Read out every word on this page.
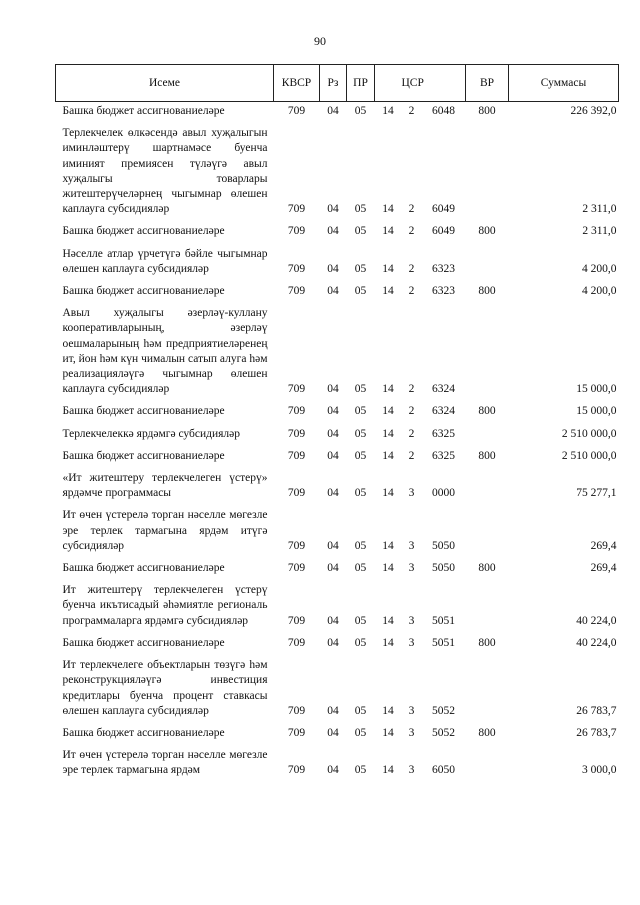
90
Исеме	КВСР	Рз	ПР		ЦСР		ВР	Суммасы
Башка бюджет ассигнованиеләре	709	04	05	14	2	6048	800	226 392,0
Терлекчелек өлкәсендә авыл хуҗалыгын иминләштерү шартнамәсе буенча иминият премиясен түләүгә авыл хуҗалыгы товарлары житештерүчеләрнең чыгымнар өлешен каплауга субсидияләр	709	04	05	14	2	6049		2 311,0
Башка бюджет ассигнованиеләре	709	04	05	14	2	6049	800	2 311,0
Нәселле атлар үрчетүгә бәйле чыгымнар өлешен каплауга субсидияләр	709	04	05	14	2	6323		4 200,0
Башка бюджет ассигнованиеләре	709	04	05	14	2	6323	800	4 200,0
Авыл хуҗалыгы әзерләү-куллану кооперативларының, әзерләү оешмаларының һәм предприятиеләренең ит, йон һәм күн чималын сатып алуга һәм реализацияләүгә чыгымнар өлешен каплауга субсидияләр	709	04	05	14	2	6324		15 000,0
Башка бюджет ассигнованиеләре	709	04	05	14	2	6324	800	15 000,0
Терлекчелеккә ярдәмгә субсидияләр	709	04	05	14	2	6325		2 510 000,0
Башка бюджет ассигнованиеләре	709	04	05	14	2	6325	800	2 510 000,0
«Ит житештеру терлекчелеген үстерү» ярдәмче программасы	709	04	05	14	3	0000		75 277,1
Ит өчен үстерелә торган нәселле мөгезле эре терлек тармагына ярдәм итүгә субсидияләр	709	04	05	14	3	5050		269,4
Башка бюджет ассигнованиеләре	709	04	05	14	3	5050	800	269,4
Ит житештерү терлекчелеген үстерү буенча икътисадый әһәмиятле региональ программаларга ярдәмгә субсидияләр	709	04	05	14	3	5051		40 224,0
Башка бюджет ассигнованиеләре	709	04	05	14	3	5051	800	40 224,0
Ит терлекчелеге объектларын төзүгә һәм реконструкцияләүгә инвестиция кредитлары буенча процент ставкасы өлешен каплауга субсидияләр	709	04	05	14	3	5052		26 783,7
Башка бюджет ассигнованиеләре	709	04	05	14	3	5052	800	26 783,7
Ит өчен үстерелә торган нәселле мөгезле эре терлек тармагына ярдәм	709	04	05	14	3	6050		3 000,0
